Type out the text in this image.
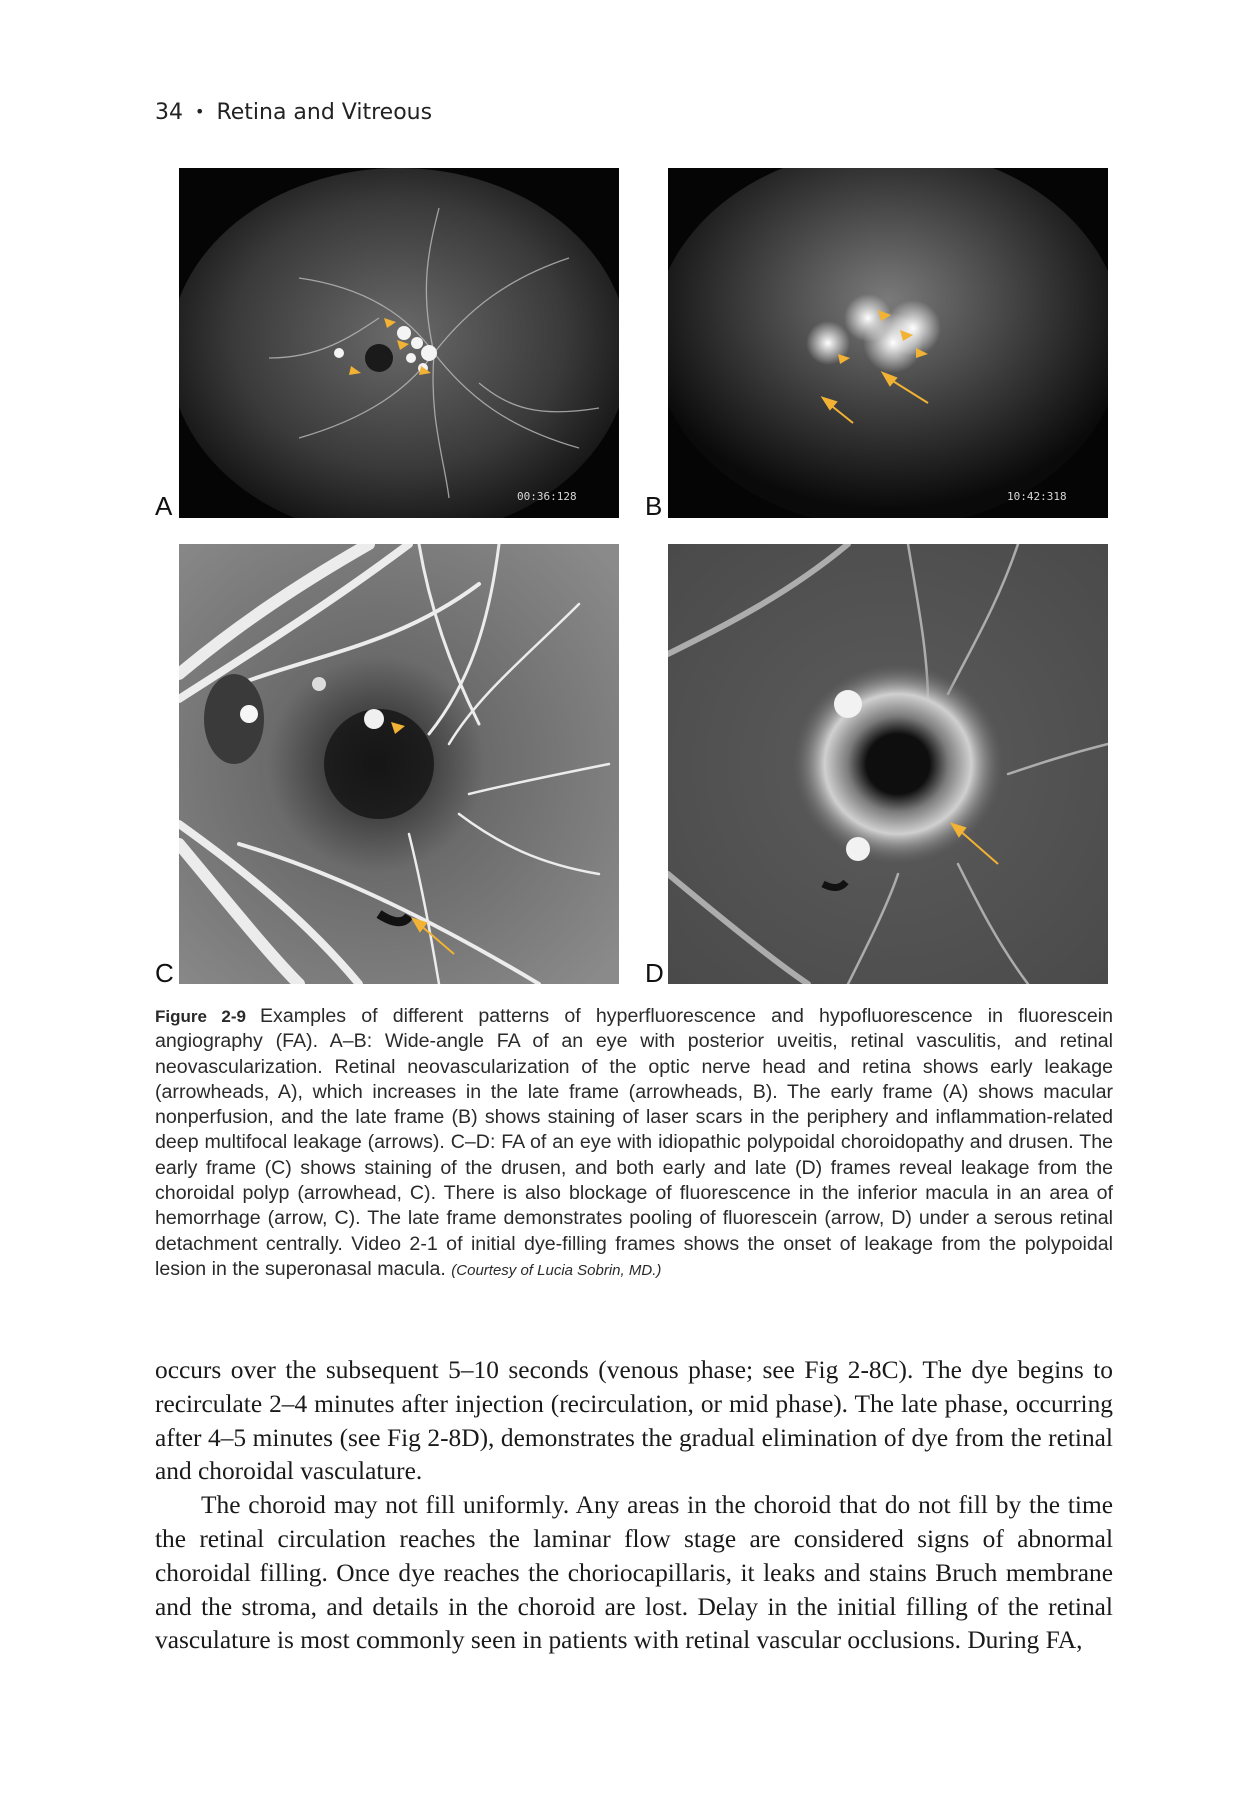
34 • Retina and Vitreous
00:36:128
A	10:42:318
B
C	D
Figure 2-9 Examples of different patterns of hyperfluorescence and hypofluorescence in fluorescein angiography (FA). A–B: Wide-angle FA of an eye with posterior uveitis, retinal vasculitis, and retinal neovascularization. Retinal neovascularization of the optic nerve head and retina shows early leakage (arrowheads, A), which increases in the late frame (arrowheads, B). The early frame (A) shows macular nonperfusion, and the late frame (B) shows staining of laser scars in the periphery and inflammation-related deep multifocal leakage (arrows). C–D: FA of an eye with idiopathic polypoidal choroidopathy and drusen. The early frame (C) shows staining of the drusen, and both early and late (D) frames reveal leakage from the choroidal polyp (arrowhead, C). There is also blockage of fluorescence in the inferior macula in an area of hemorrhage (arrow, C). The late frame demonstrates pooling of fluorescein (arrow, D) under a serous retinal detachment centrally. Video 2-1 of initial dye-filling frames shows the onset of leakage from the polypoidal lesion in the superonasal macula. (Courtesy of Lucia Sobrin, MD.)

occurs over the subsequent 5–10 seconds (venous phase; see Fig 2-8C). The dye begins to recirculate 2–4 minutes after injection (recirculation, or mid phase). The late phase, occurring after 4–5 minutes (see Fig 2-8D), demonstrates the gradual elimination of dye from the retinal and choroidal vasculature.

The choroid may not fill uniformly. Any areas in the choroid that do not fill by the time the retinal circulation reaches the laminar flow stage are considered signs of abnormal choroidal filling. Once dye reaches the choriocapillaris, it leaks and stains Bruch membrane and the stroma, and details in the choroid are lost. Delay in the initial filling of the retinal vasculature is most commonly seen in patients with retinal vascular occlusions. During FA,
